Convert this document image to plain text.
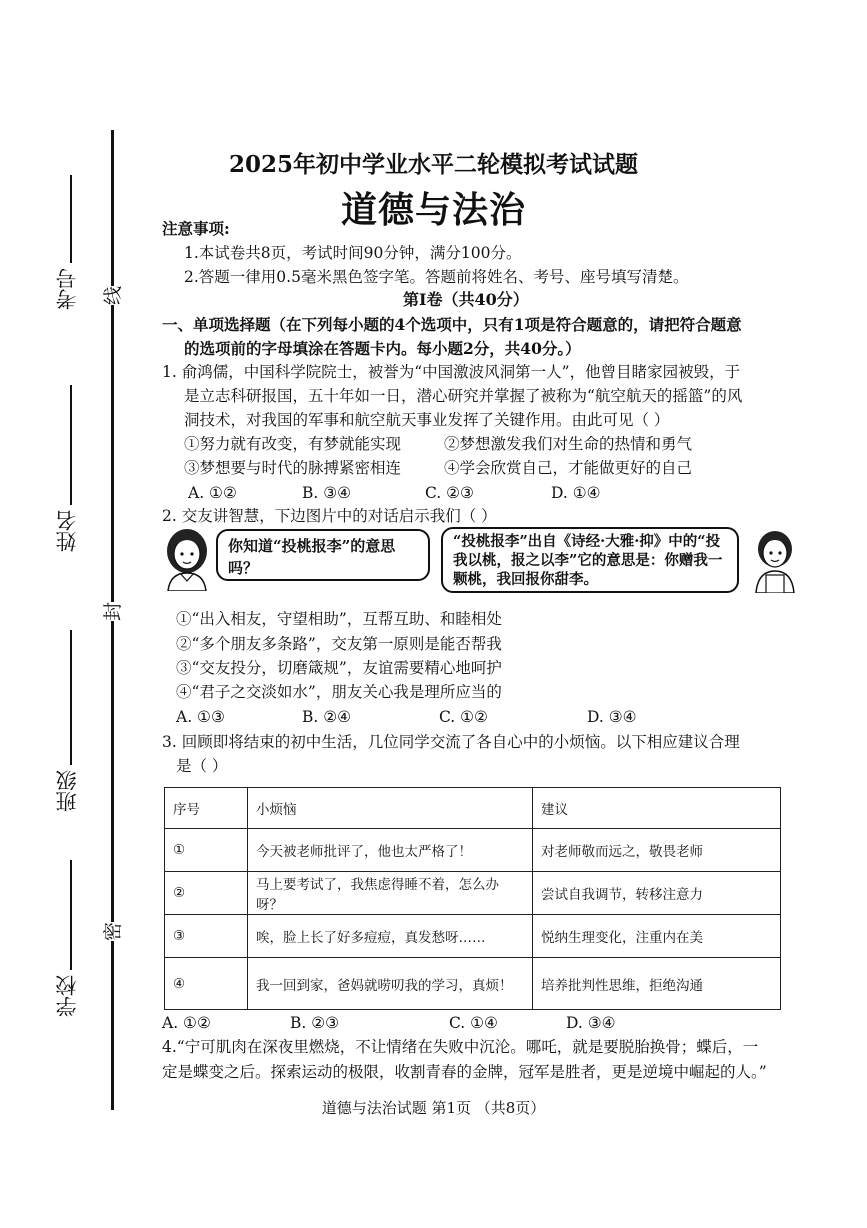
考号
姓名
班级
学校
线
封
密
2025年初中学业水平二轮模拟考试试题
道德与法治
注意事项:
1.本试卷共8页，考试时间90分钟，满分100分。
2.答题一律用0.5毫米黑色签字笔。答题前将姓名、考号、座号填写清楚。
第Ⅰ卷（共40分）
一、单项选择题（在下列每小题的4个选项中，只有1项是符合题意的，请把符合题意
的选项前的字母填涂在答题卡内。每小题2分，共40分。）
1. 俞鸿儒，中国科学院院士，被誉为“中国激波风洞第一人”，他曾目睹家园被毁，于
是立志科研报国，五十年如一日，潜心研究并掌握了被称为“航空航天的摇篮”的风
洞技术，对我国的军事和航空航天事业发挥了关键作用。由此可见（ ）
①努力就有改变，有梦就能实现	②梦想激发我们对生命的热情和勇气
③梦想要与时代的脉搏紧密相连	④学会欣赏自己，才能做更好的自己
A. ①②	B. ③④	C. ②③	D. ①④
2. 交友讲智慧，下边图片中的对话启示我们（ ）
你知道“投桃报李”的意思吗？
“投桃报李”出自《诗经·大雅·抑》中的“投我以桃，报之以李”它的意思是：你赠我一颗桃，我回报你甜李。
①“出入相友，守望相助”，互帮互助、和睦相处
②“多个朋友多条路”，交友第一原则是能否帮我
③“交友投分，切磨箴规”，友谊需要精心地呵护
④“君子之交淡如水”，朋友关心我是理所应当的
A. ①③	B. ②④	C. ①②	D. ③④
3. 回顾即将结束的初中生活，几位同学交流了各自心中的小烦恼。以下相应建议合理
是（ ）
序号	小烦恼	建议
①	今天被老师批评了，他也太严格了！	对老师敬而远之，敬畏老师
②	马上要考试了，我焦虑得睡不着，怎么办呀？	尝试自我调节，转移注意力
③	唉，脸上长了好多痘痘，真发愁呀……	悦纳生理变化，注重内在美
④	我一回到家，爸妈就唠叨我的学习，真烦！	培养批判性思维，拒绝沟通
A. ①②	B. ②③	C. ①④	D. ③④
4.“宁可肌肉在深夜里燃烧，不让情绪在失败中沉沦。哪吒，就是要脱胎换骨；蝶后，一
定是蝶变之后。探索运动的极限，收割青春的金牌，冠军是胜者，更是逆境中崛起的人。”
道德与法治试题 第1页 （共8页）
